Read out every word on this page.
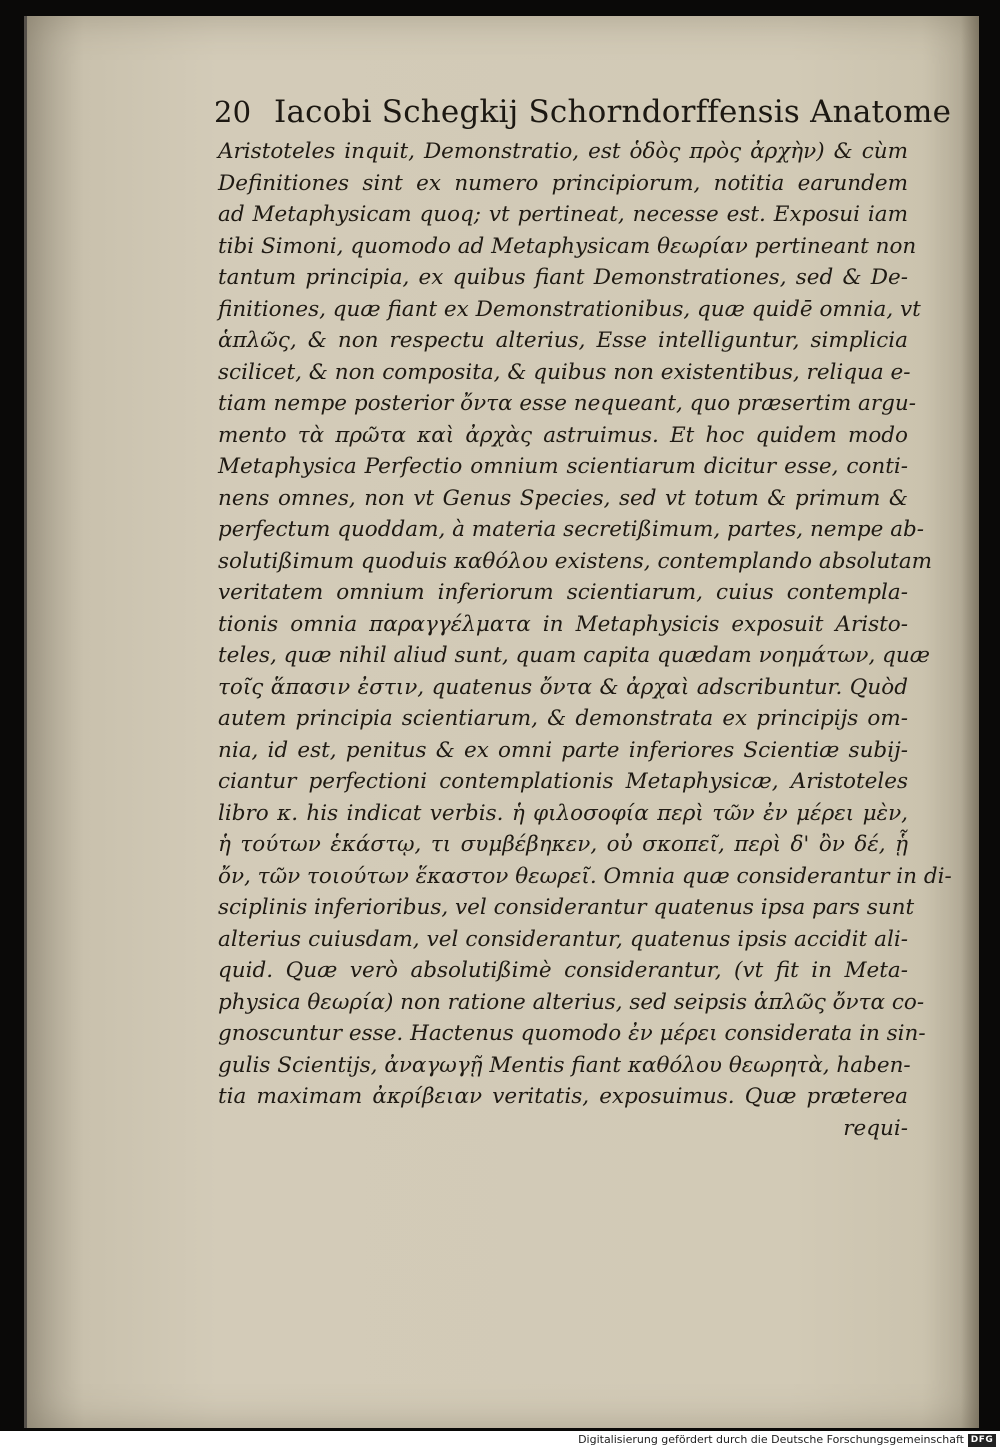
20 Iacobi Schegkij Schorndorffensis Anatome
Aristoteles inquit, Demonstratio, est ὁδὸς πρὸς ἀρχὴν) & cùm
Definitiones sint ex numero principiorum, notitia earundem
ad Metaphysicam quoq; vt pertineat, necesse est. Exposui iam
tibi Simoni, quomodo ad Metaphysicam θεωρίαν pertineant non
tantum principia, ex quibus fiant Demonstrationes, sed & De-
finitiones, quæ fiant ex Demonstrationibus, quæ quidē omnia, vt
ἁπλῶς, & non respectu alterius, Esse intelliguntur, simplicia
scilicet, & non composita, & quibus non existentibus, reliqua e-
tiam nempe posterior ὄντα esse nequeant, quo præsertim argu-
mento τὰ πρῶτα καὶ ἀρχὰς astruimus. Et hoc quidem modo
Metaphysica Perfectio omnium scientiarum dicitur esse, conti-
nens omnes, non vt Genus Species, sed vt totum & primum &
perfectum quoddam, à materia secretißimum, partes, nempe ab-
solutißimum quoduis καθόλου existens, contemplando absolutam
veritatem omnium inferiorum scientiarum, cuius contempla-
tionis omnia παραγγέλματα in Metaphysicis exposuit Aristo-
teles, quæ nihil aliud sunt, quam capita quædam νοημάτων, quæ
τοῖς ἅπασιν ἐστιν, quatenus ὄντα & ἀρχαὶ adscribuntur. Quòd
autem principia scientiarum, & demonstrata ex principijs om-
nia, id est, penitus & ex omni parte inferiores Scientiæ subij-
ciantur perfectioni contemplationis Metaphysicæ, Aristoteles
libro κ. his indicat verbis. ἡ φιλοσοφία περὶ τῶν ἐν μέρει μὲν,
ἡ τούτων ἑκάστῳ, τι συμβέβηκεν, οὐ σκοπεῖ, περὶ δ' ὂν δέ, ᾗ
ὄν, τῶν τοιούτων ἕκαστον θεωρεῖ. Omnia quæ considerantur in di-
sciplinis inferioribus, vel considerantur quatenus ipsa pars sunt
alterius cuiusdam, vel considerantur, quatenus ipsis accidit ali-
quid. Quæ verò absolutißimè considerantur, (vt fit in Meta-
physica θεωρία) non ratione alterius, sed seipsis ἁπλῶς ὄντα co-
gnoscuntur esse. Hactenus quomodo ἐν μέρει considerata in sin-
gulis Scientijs, ἀναγωγῇ Mentis fiant καθόλου θεωρητὰ, haben-
tia maximam ἀκρίβειαν veritatis, exposuimus. Quæ præterea
requi-
Digitalisierung gefördert durch die Deutsche Forschungsgemeinschaft DFG
